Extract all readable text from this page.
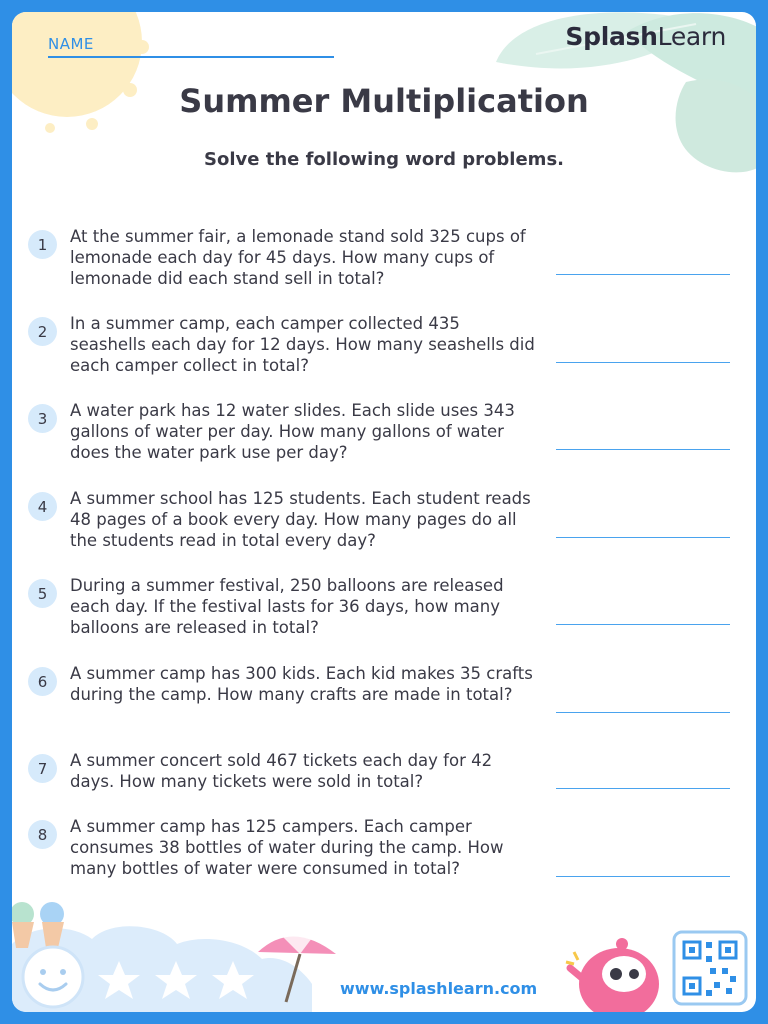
NAME	SplashLearn
Summer Multiplication
Solve the following word problems.
1	At the summer fair, a lemonade stand sold 325 cups of lemonade each day for 45 days. How many cups of lemonade did each stand sell in total?
2	In a summer camp, each camper collected 435 seashells each day for 12 days. How many seashells did each camper collect in total?
3	A water park has 12 water slides. Each slide uses 343 gallons of water per day. How many gallons of water does the water park use per day?
4	A summer school has 125 students. Each student reads 48 pages of a book every day. How many pages do all the students read in total every day?
5	During a summer festival, 250 balloons are released each day. If the festival lasts for 36 days, how many balloons are released in total?
6	A summer camp has 300 kids. Each kid makes 35 crafts during the camp. How many crafts are made in total?
7	A summer concert sold 467 tickets each day for 42 days. How many tickets were sold in total?
8	A summer camp has 125 campers. Each camper consumes 38 bottles of water during the camp. How many bottles of water were consumed in total?
www.splashlearn.com
